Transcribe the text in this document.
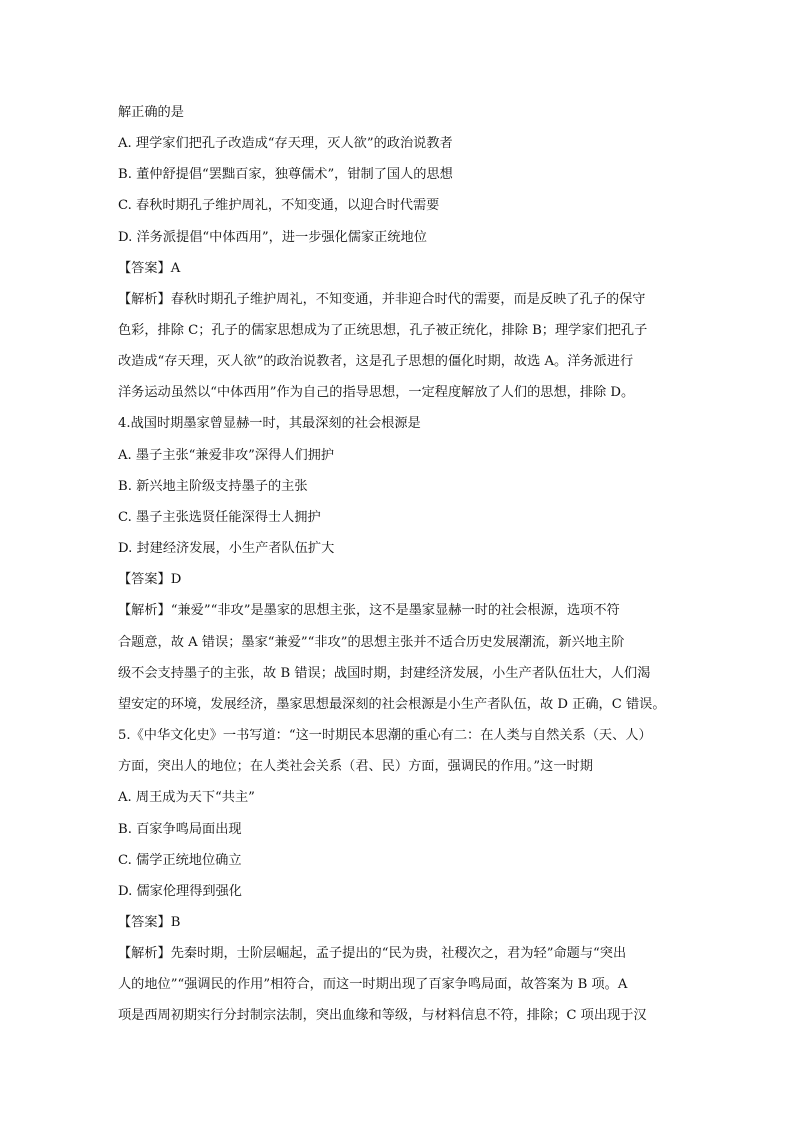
解正确的是
A. 理学家们把孔子改造成“存天理，灭人欲”的政治说教者
B. 董仲舒提倡“罢黜百家，独尊儒术”，钳制了国人的思想
C. 春秋时期孔子维护周礼，不知变通，以迎合时代需要
D. 洋务派提倡“中体西用”，进一步强化儒家正统地位
【答案】A
【解析】春秋时期孔子维护周礼，不知变通，并非迎合时代的需要，而是反映了孔子的保守
色彩，排除 C；孔子的儒家思想成为了正统思想，孔子被正统化，排除 B；理学家们把孔子
改造成“存天理，灭人欲”的政治说教者，这是孔子思想的僵化时期，故选 A。洋务派进行
洋务运动虽然以“中体西用”作为自己的指导思想，一定程度解放了人们的思想，排除 D。
4.战国时期墨家曾显赫一时，其最深刻的社会根源是
A. 墨子主张“兼爱非攻”深得人们拥护
B. 新兴地主阶级支持墨子的主张
C. 墨子主张选贤任能深得士人拥护
D. 封建经济发展，小生产者队伍扩大
【答案】D
【解析】“兼爱”“非攻”是墨家的思想主张，这不是墨家显赫一时的社会根源，选项不符
合题意，故 A 错误；墨家“兼爱”“非攻”的思想主张并不适合历史发展潮流，新兴地主阶
级不会支持墨子的主张，故 B 错误；战国时期，封建经济发展，小生产者队伍壮大，人们渴
望安定的环境，发展经济，墨家思想最深刻的社会根源是小生产者队伍，故 D 正确，C 错误。
5.《中华文化史》一书写道：“这一时期民本思潮的重心有二：在人类与自然关系（天、人）
方面，突出人的地位；在人类社会关系（君、民）方面，强调民的作用。”这一时期
A. 周王成为天下“共主”
B. 百家争鸣局面出现
C. 儒学正统地位确立
D. 儒家伦理得到强化
【答案】B
【解析】先秦时期，士阶层崛起，孟子提出的“民为贵，社稷次之，君为轻”命题与“突出
人的地位”“强调民的作用”相符合，而这一时期出现了百家争鸣局面，故答案为 B 项。A
项是西周初期实行分封制宗法制，突出血缘和等级，与材料信息不符，排除；C 项出现于汉
